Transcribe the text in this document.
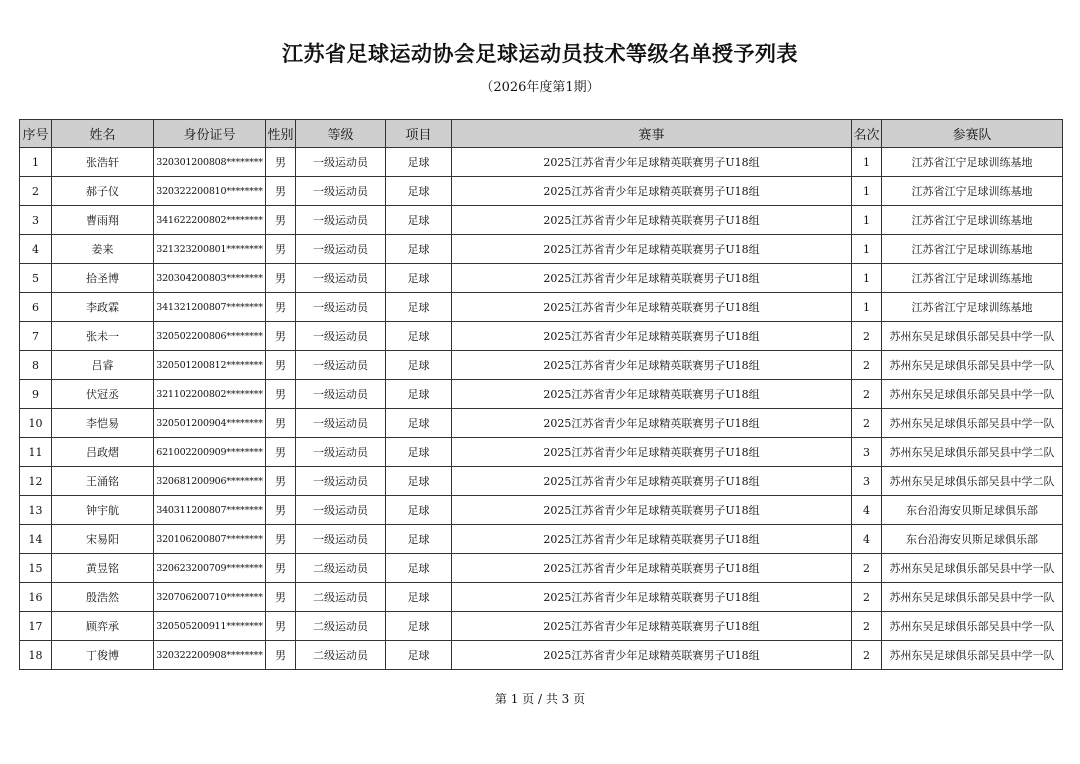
江苏省足球运动协会足球运动员技术等级名单授予列表
（2026年度第1期）
序号	姓名	身份证号	性别	等级	项目	赛事	名次	参赛队
1	张浩轩	320301200808********	男	一级运动员	足球	2025江苏省青少年足球精英联赛男子U18组	1	江苏省江宁足球训练基地
2	郝子仪	320322200810********	男	一级运动员	足球	2025江苏省青少年足球精英联赛男子U18组	1	江苏省江宁足球训练基地
3	曹雨翔	341622200802********	男	一级运动员	足球	2025江苏省青少年足球精英联赛男子U18组	1	江苏省江宁足球训练基地
4	姜来	321323200801********	男	一级运动员	足球	2025江苏省青少年足球精英联赛男子U18组	1	江苏省江宁足球训练基地
5	拾圣博	320304200803********	男	一级运动员	足球	2025江苏省青少年足球精英联赛男子U18组	1	江苏省江宁足球训练基地
6	李政霖	341321200807********	男	一级运动员	足球	2025江苏省青少年足球精英联赛男子U18组	1	江苏省江宁足球训练基地
7	张未一	320502200806********	男	一级运动员	足球	2025江苏省青少年足球精英联赛男子U18组	2	苏州东吴足球俱乐部吴县中学一队
8	吕睿	320501200812********	男	一级运动员	足球	2025江苏省青少年足球精英联赛男子U18组	2	苏州东吴足球俱乐部吴县中学一队
9	伏冠丞	321102200802********	男	一级运动员	足球	2025江苏省青少年足球精英联赛男子U18组	2	苏州东吴足球俱乐部吴县中学一队
10	李恺易	320501200904********	男	一级运动员	足球	2025江苏省青少年足球精英联赛男子U18组	2	苏州东吴足球俱乐部吴县中学一队
11	吕政熠	621002200909********	男	一级运动员	足球	2025江苏省青少年足球精英联赛男子U18组	3	苏州东吴足球俱乐部吴县中学二队
12	王涌铭	320681200906********	男	一级运动员	足球	2025江苏省青少年足球精英联赛男子U18组	3	苏州东吴足球俱乐部吴县中学二队
13	钟宇航	340311200807********	男	一级运动员	足球	2025江苏省青少年足球精英联赛男子U18组	4	东台沿海安贝斯足球俱乐部
14	宋易阳	320106200807********	男	一级运动员	足球	2025江苏省青少年足球精英联赛男子U18组	4	东台沿海安贝斯足球俱乐部
15	黄昱铭	320623200709********	男	二级运动员	足球	2025江苏省青少年足球精英联赛男子U18组	2	苏州东吴足球俱乐部吴县中学一队
16	殷浩然	320706200710********	男	二级运动员	足球	2025江苏省青少年足球精英联赛男子U18组	2	苏州东吴足球俱乐部吴县中学一队
17	顾弈承	320505200911********	男	二级运动员	足球	2025江苏省青少年足球精英联赛男子U18组	2	苏州东吴足球俱乐部吴县中学一队
18	丁俊博	320322200908********	男	二级运动员	足球	2025江苏省青少年足球精英联赛男子U18组	2	苏州东吴足球俱乐部吴县中学一队
第 1 页 / 共 3 页
